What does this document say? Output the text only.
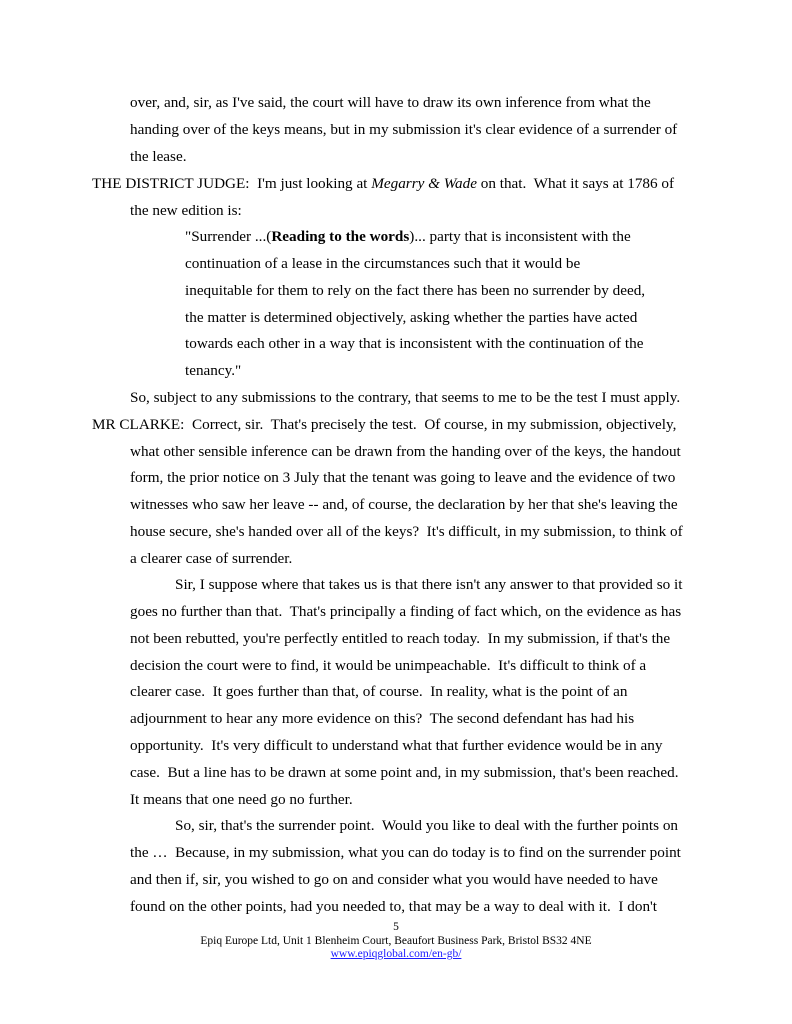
over, and, sir, as I've said, the court will have to draw its own inference from what the
handing over of the keys means, but in my submission it's clear evidence of a surrender of
the lease.
THE DISTRICT JUDGE:  I'm just looking at Megarry & Wade on that.  What it says at 1786 of
the new edition is:
"Surrender ...(Reading to the words)... party that is inconsistent with the
continuation of a lease in the circumstances such that it would be
inequitable for them to rely on the fact there has been no surrender by deed,
the matter is determined objectively, asking whether the parties have acted
towards each other in a way that is inconsistent with the continuation of the
tenancy."
So, subject to any submissions to the contrary, that seems to me to be the test I must apply.
MR CLARKE:  Correct, sir.  That's precisely the test.  Of course, in my submission, objectively,
what other sensible inference can be drawn from the handing over of the keys, the handout
form, the prior notice on 3 July that the tenant was going to leave and the evidence of two
witnesses who saw her leave -- and, of course, the declaration by her that she's leaving the
house secure, she's handed over all of the keys?  It's difficult, in my submission, to think of
a clearer case of surrender.
Sir, I suppose where that takes us is that there isn't any answer to that provided so it
goes no further than that.  That's principally a finding of fact which, on the evidence as has
not been rebutted, you're perfectly entitled to reach today.  In my submission, if that's the
decision the court were to find, it would be unimpeachable.  It's difficult to think of a
clearer case.  It goes further than that, of course.  In reality, what is the point of an
adjournment to hear any more evidence on this?  The second defendant has had his
opportunity.  It's very difficult to understand what that further evidence would be in any
case.  But a line has to be drawn at some point and, in my submission, that's been reached.
It means that one need go no further.
So, sir, that's the surrender point.  Would you like to deal with the further points on
the …  Because, in my submission, what you can do today is to find on the surrender point
and then if, sir, you wished to go on and consider what you would have needed to have
found on the other points, had you needed to, that may be a way to deal with it.  I don't
5
Epiq Europe Ltd, Unit 1 Blenheim Court, Beaufort Business Park, Bristol BS32 4NE
www.epiqglobal.com/en-gb/
